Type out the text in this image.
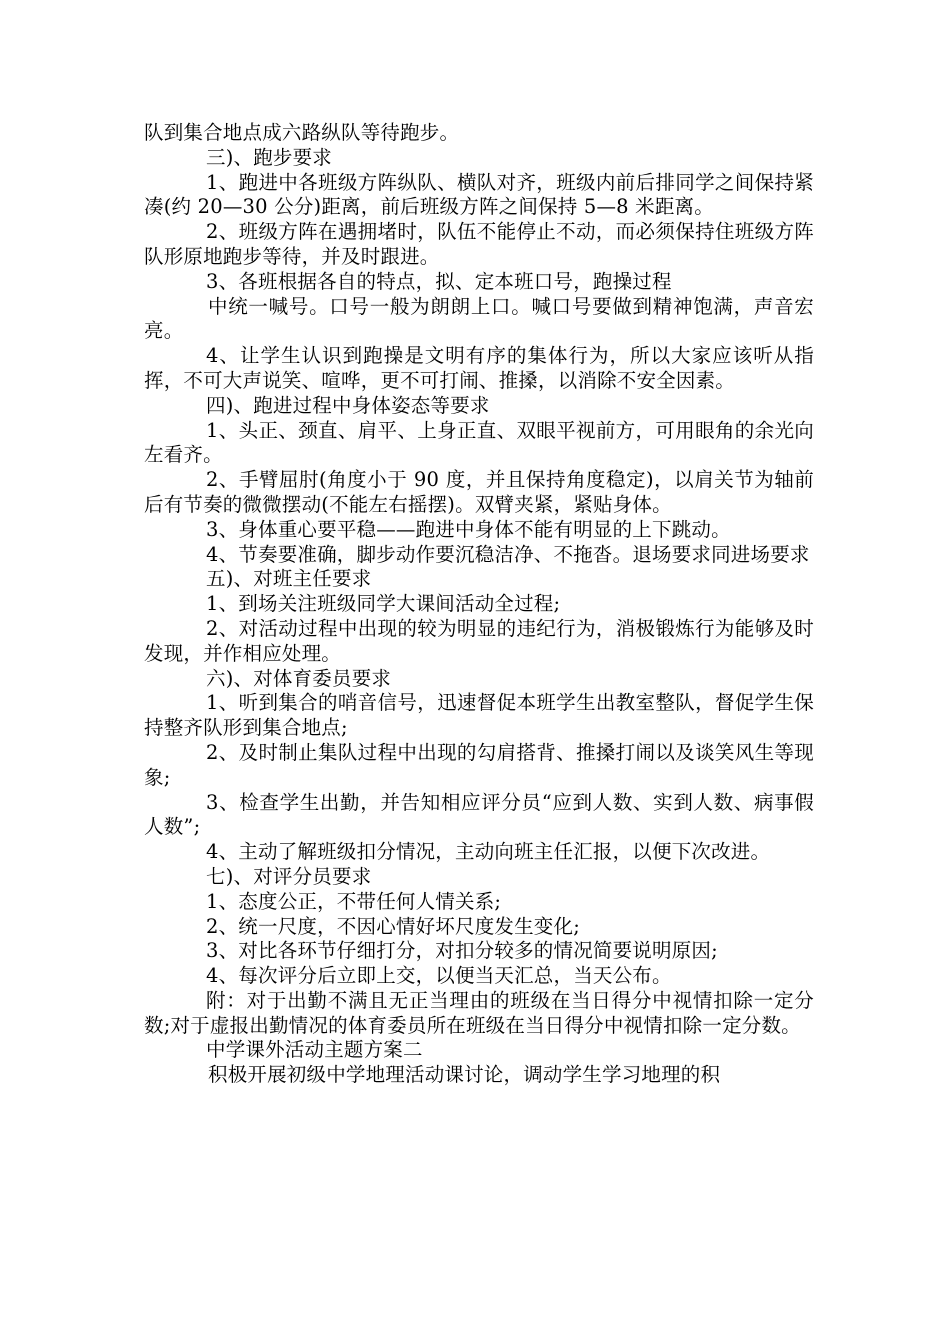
队到集合地点成六路纵队等待跑步。

三)、跑步要求

1、跑进中各班级方阵纵队、横队对齐，班级内前后排同学之间保持紧凑(约 20—30 公分)距离，前后班级方阵之间保持 5—8 米距离。

2、班级方阵在遇拥堵时，队伍不能停止不动，而必须保持住班级方阵队形原地跑步等待，并及时跟进。

3、各班根据各自的特点，拟、定本班口号，跑操过程

中统一喊号。口号一般为朗朗上口。喊口号要做到精神饱满，声音宏亮。

4、让学生认识到跑操是文明有序的集体行为，所以大家应该听从指挥，不可大声说笑、喧哗，更不可打闹、推搡，以消除不安全因素。

四)、跑进过程中身体姿态等要求

1、头正、颈直、肩平、上身正直、双眼平视前方，可用眼角的余光向左看齐。

2、手臂屈肘(角度小于 90 度，并且保持角度稳定)，以肩关节为轴前后有节奏的微微摆动(不能左右摇摆)。双臂夹紧，紧贴身体。

3、身体重心要平稳——跑进中身体不能有明显的上下跳动。

4、节奏要准确，脚步动作要沉稳洁净、不拖沓。退场要求同进场要求

五)、对班主任要求

1、到场关注班级同学大课间活动全过程;

2、对活动过程中出现的较为明显的违纪行为，消极锻炼行为能够及时发现，并作相应处理。

六)、对体育委员要求

1、听到集合的哨音信号，迅速督促本班学生出教室整队，督促学生保持整齐队形到集合地点;

2、及时制止集队过程中出现的勾肩搭背、推搡打闹以及谈笑风生等现象;

3、检查学生出勤，并告知相应评分员“应到人数、实到人数、病事假人数”;

4、主动了解班级扣分情况，主动向班主任汇报，以便下次改进。

七)、对评分员要求

1、态度公正，不带任何人情关系;

2、统一尺度，不因心情好坏尺度发生变化;

3、对比各环节仔细打分，对扣分较多的情况简要说明原因;

4、每次评分后立即上交，以便当天汇总，当天公布。

附：对于出勤不满且无正当理由的班级在当日得分中视情扣除一定分数;对于虚报出勤情况的体育委员所在班级在当日得分中视情扣除一定分数。

中学课外活动主题方案二

积极开展初级中学地理活动课讨论，调动学生学习地理的积
